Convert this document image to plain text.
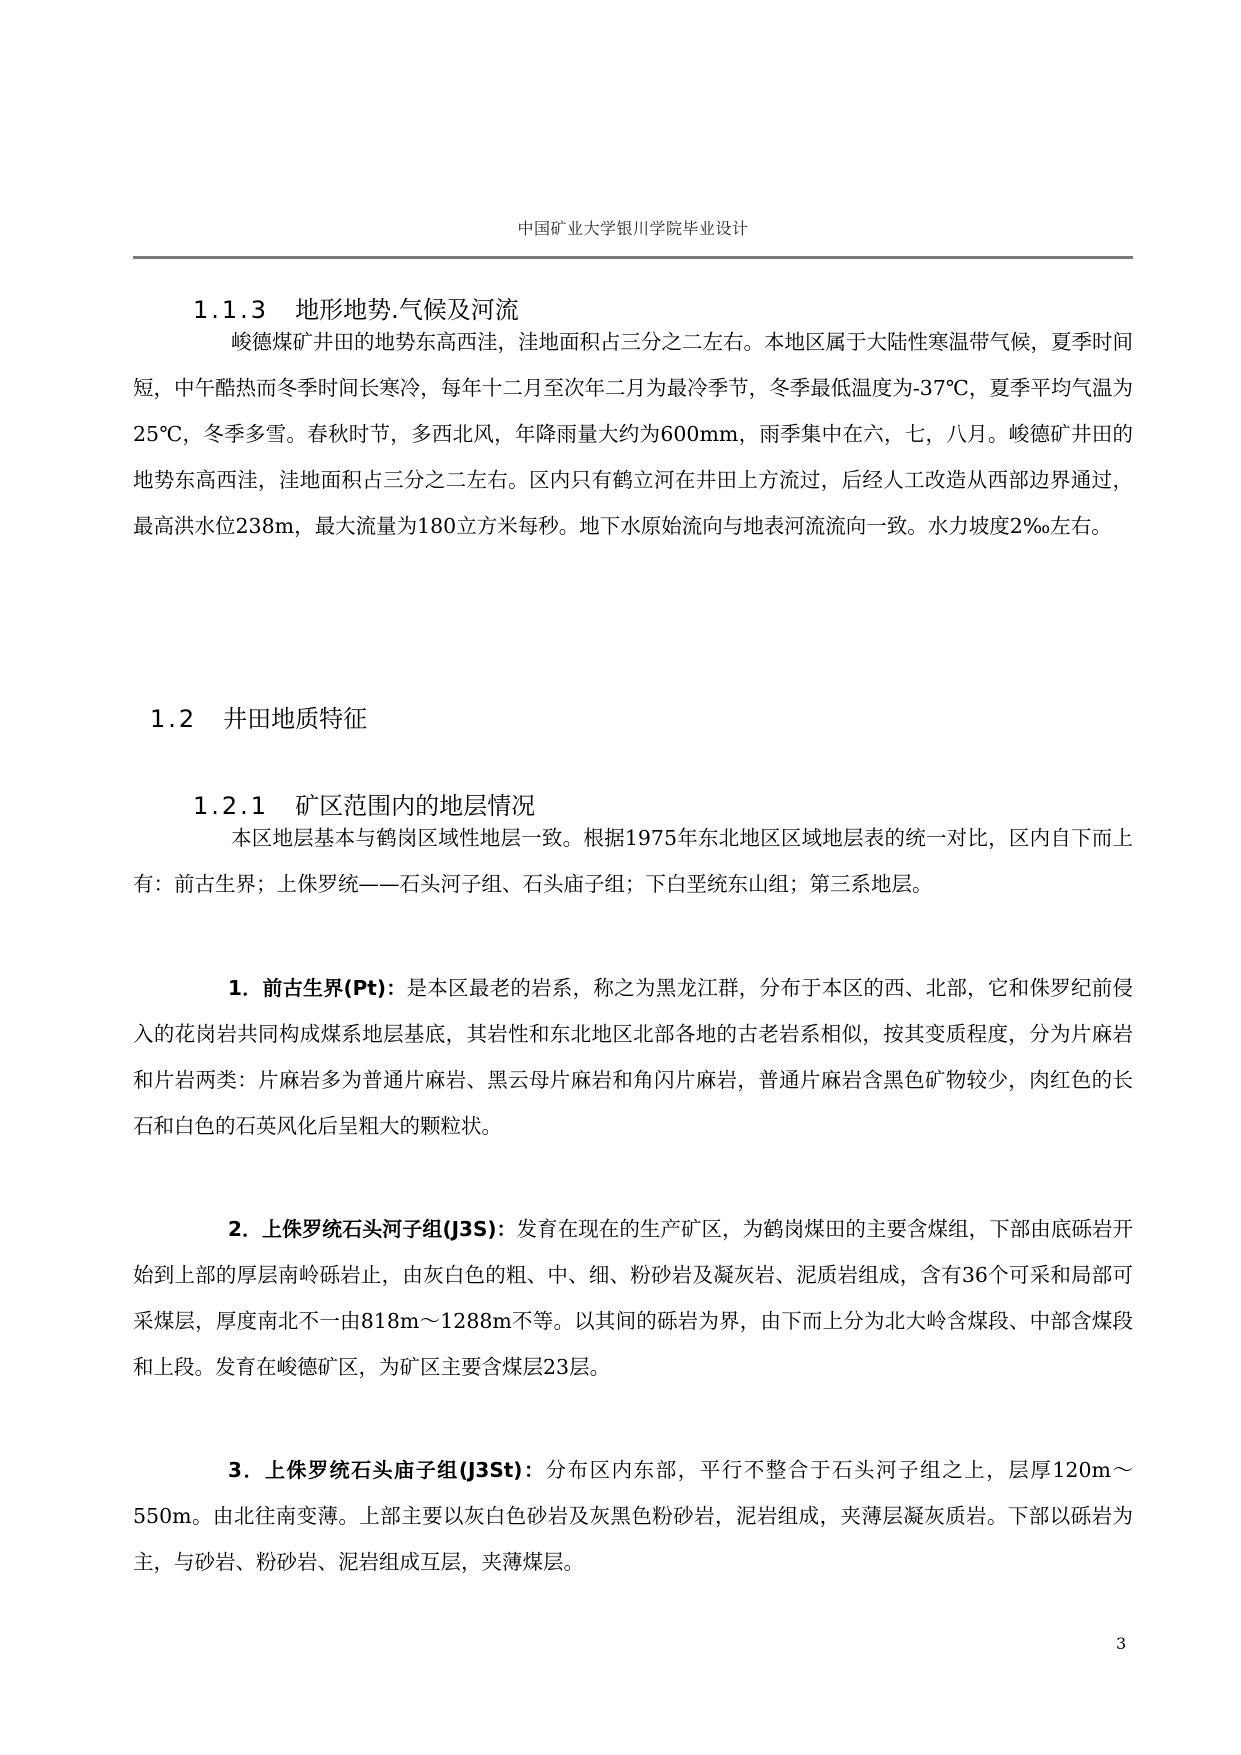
中国矿业大学银川学院毕业设计
1.1.3 地形地势.气候及河流
峻德煤矿井田的地势东高西洼，洼地面积占三分之二左右。本地区属于大陆性寒温带气候，夏季时间短，中午酷热而冬季时间长寒冷，每年十二月至次年二月为最冷季节，冬季最低温度为-37℃，夏季平均气温为25℃，冬季多雪。春秋时节，多西北风，年降雨量大约为600mm，雨季集中在六，七，八月。峻德矿井田的地势东高西洼，洼地面积占三分之二左右。区内只有鹤立河在井田上方流过，后经人工改造从西部边界通过，最高洪水位238m，最大流量为180立方米每秒。地下水原始流向与地表河流流向一致。水力坡度2‰左右。
1.2 井田地质特征
1.2.1 矿区范围内的地层情况
本区地层基本与鹤岗区域性地层一致。根据1975年东北地区区域地层表的统一对比，区内自下而上有：前古生界；上侏罗统——石头河子组、石头庙子组；下白垩统东山组；第三系地层。
1．前古生界(Pt)：是本区最老的岩系，称之为黑龙江群，分布于本区的西、北部，它和侏罗纪前侵入的花岗岩共同构成煤系地层基底，其岩性和东北地区北部各地的古老岩系相似，按其变质程度，分为片麻岩和片岩两类：片麻岩多为普通片麻岩、黑云母片麻岩和角闪片麻岩，普通片麻岩含黑色矿物较少，肉红色的长石和白色的石英风化后呈粗大的颗粒状。
2．上侏罗统石头河子组(J3S)：发育在现在的生产矿区，为鹤岗煤田的主要含煤组，下部由底砾岩开始到上部的厚层南岭砾岩止，由灰白色的粗、中、细、粉砂岩及凝灰岩、泥质岩组成，含有36个可采和局部可采煤层，厚度南北不一由818m～1288m不等。以其间的砾岩为界，由下而上分为北大岭含煤段、中部含煤段和上段。发育在峻德矿区，为矿区主要含煤层23层。
3．上侏罗统石头庙子组(J3St)：分布区内东部，平行不整合于石头河子组之上，层厚120m～550m。由北往南变薄。上部主要以灰白色砂岩及灰黑色粉砂岩，泥岩组成，夹薄层凝灰质岩。下部以砾岩为主，与砂岩、粉砂岩、泥岩组成互层，夹薄煤层。
3
